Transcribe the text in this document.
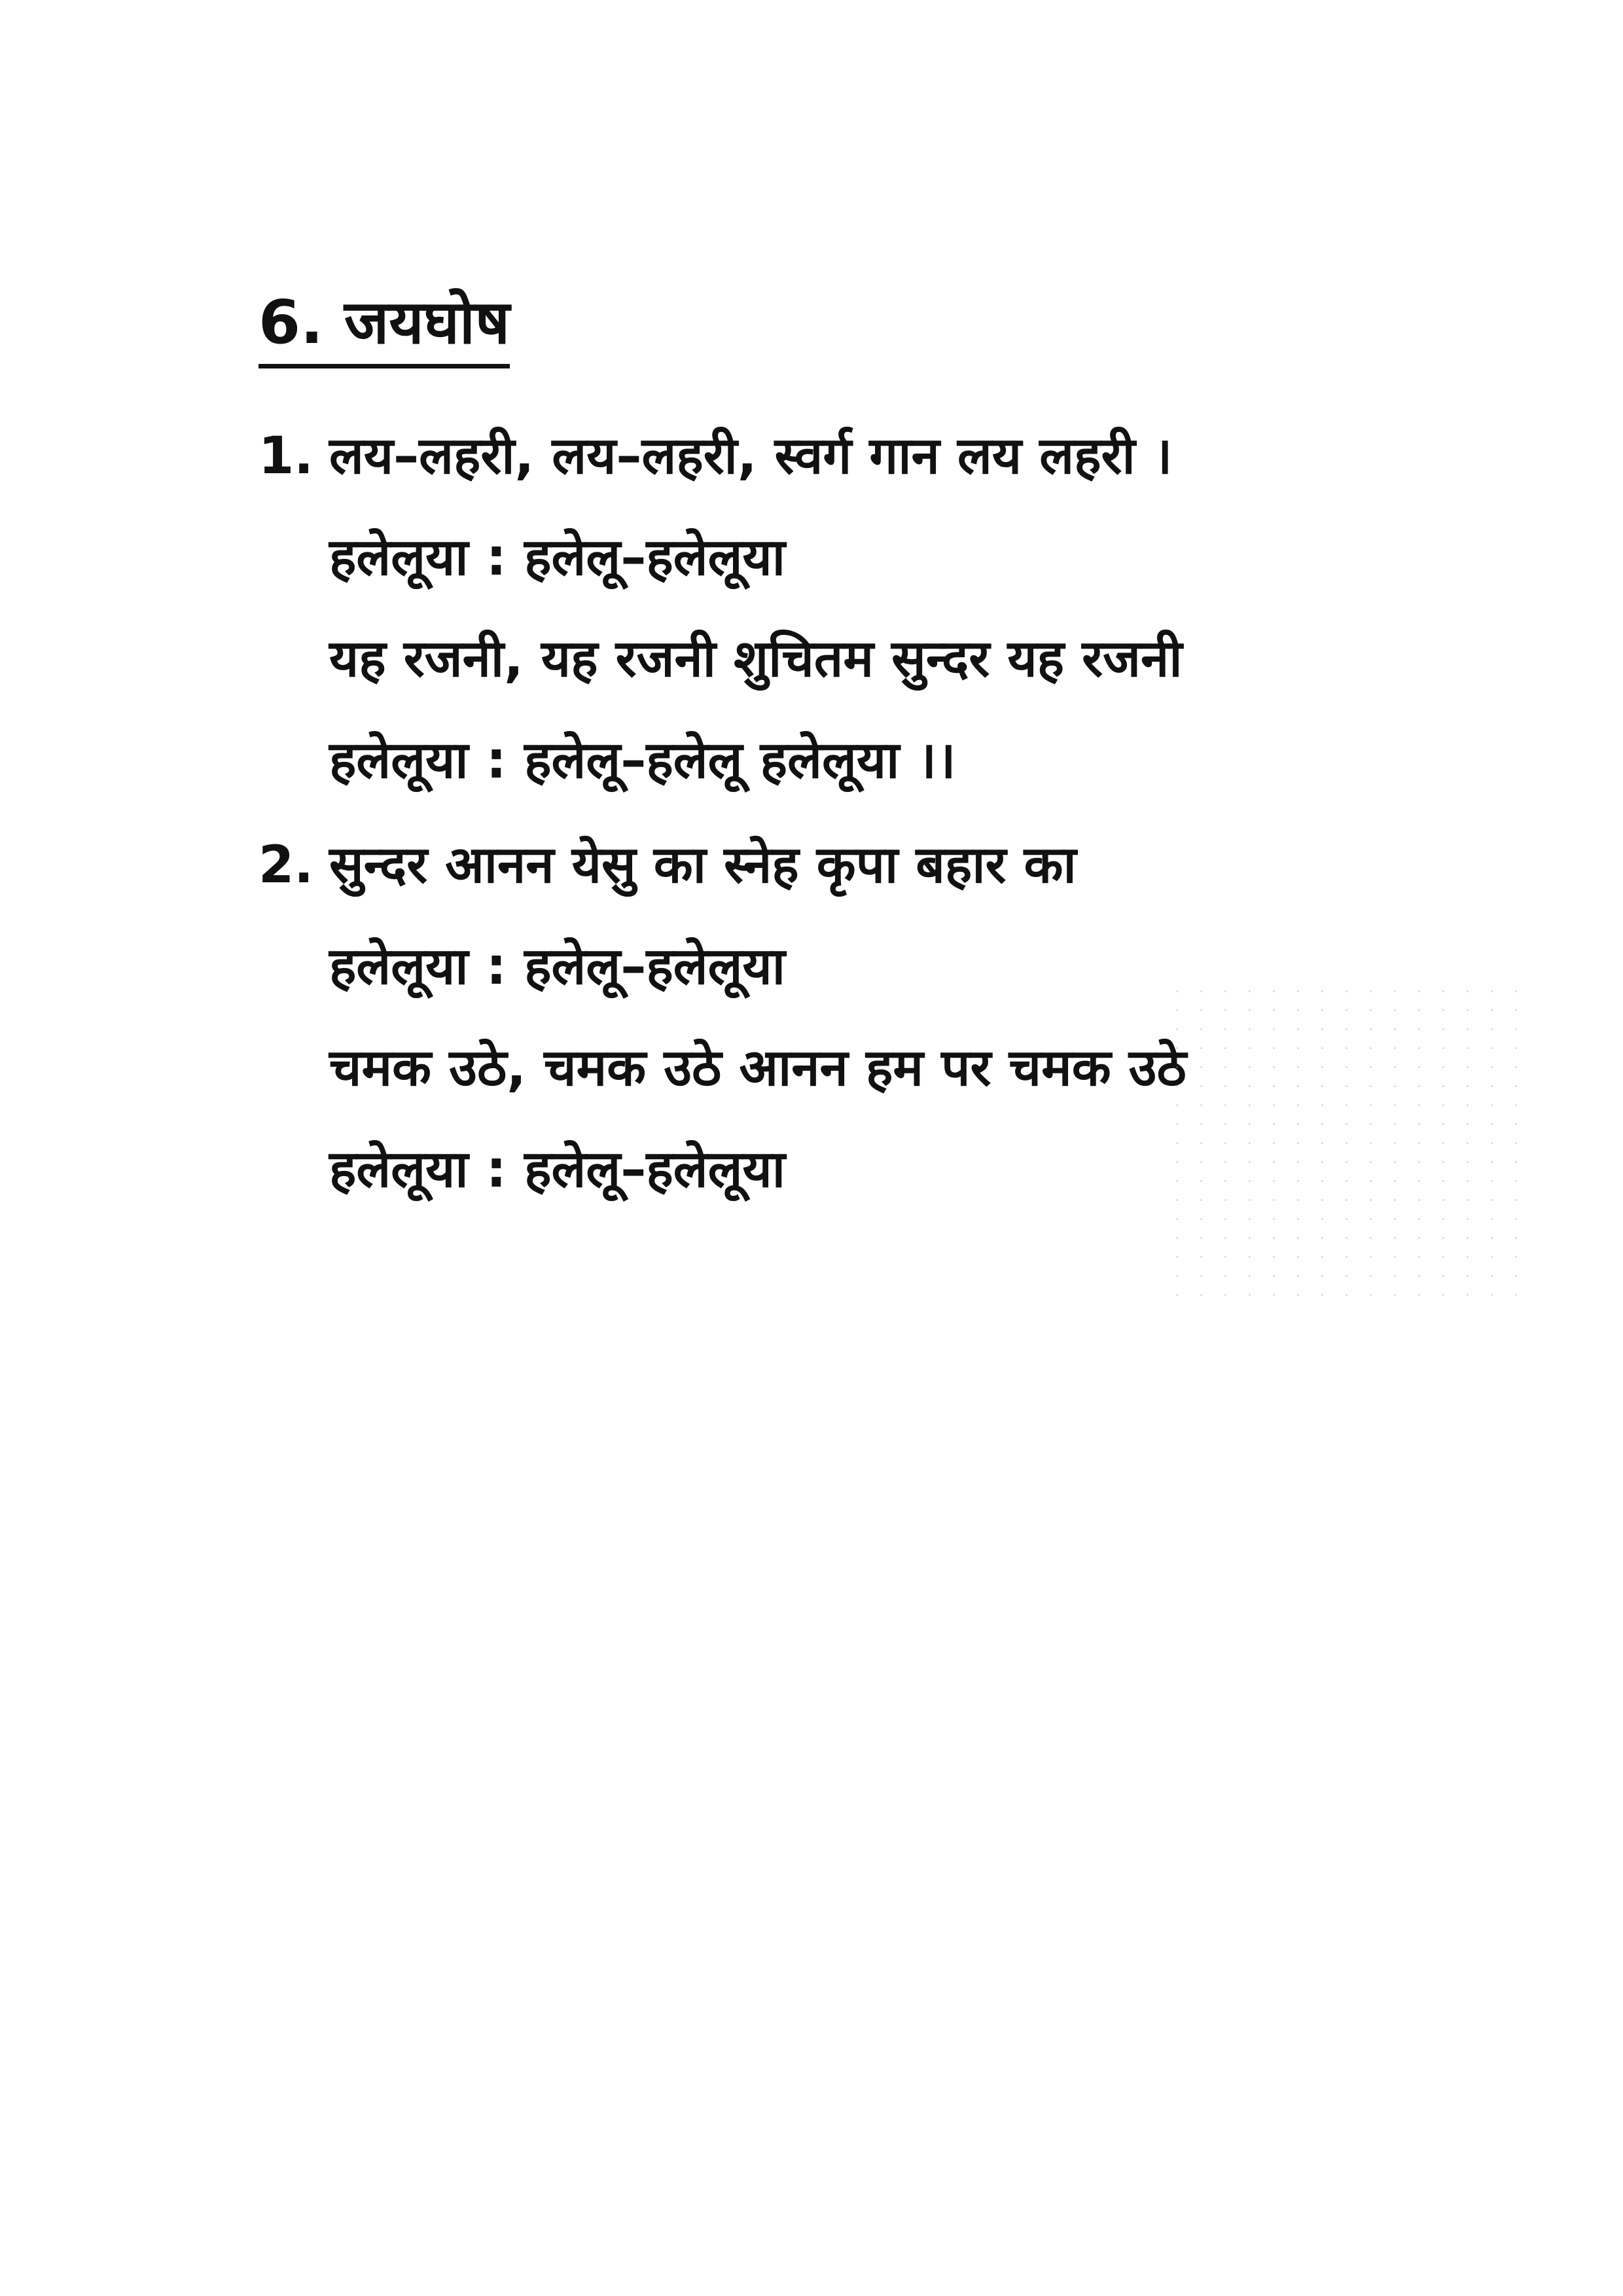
6. जयघोष
1. लय–लहरी, लय–लहरी, स्वर्ग गान लय लहरी ।
हलेलूया : हलेलू–हलेलूया
यह रजनी, यह रजनी शुचितम सुन्दर यह रजनी
हलेलूया : हलेलू–हलेलू हलेलूया ।।
2. सुन्दर आनन येसु का स्नेह कृपा बहार का
हलेलूया : हलेलू–हलेलूया
चमक उठे, चमक उठे आनन हम पर चमक उठे
हलेलूया : हलेलू–हलेलूया
